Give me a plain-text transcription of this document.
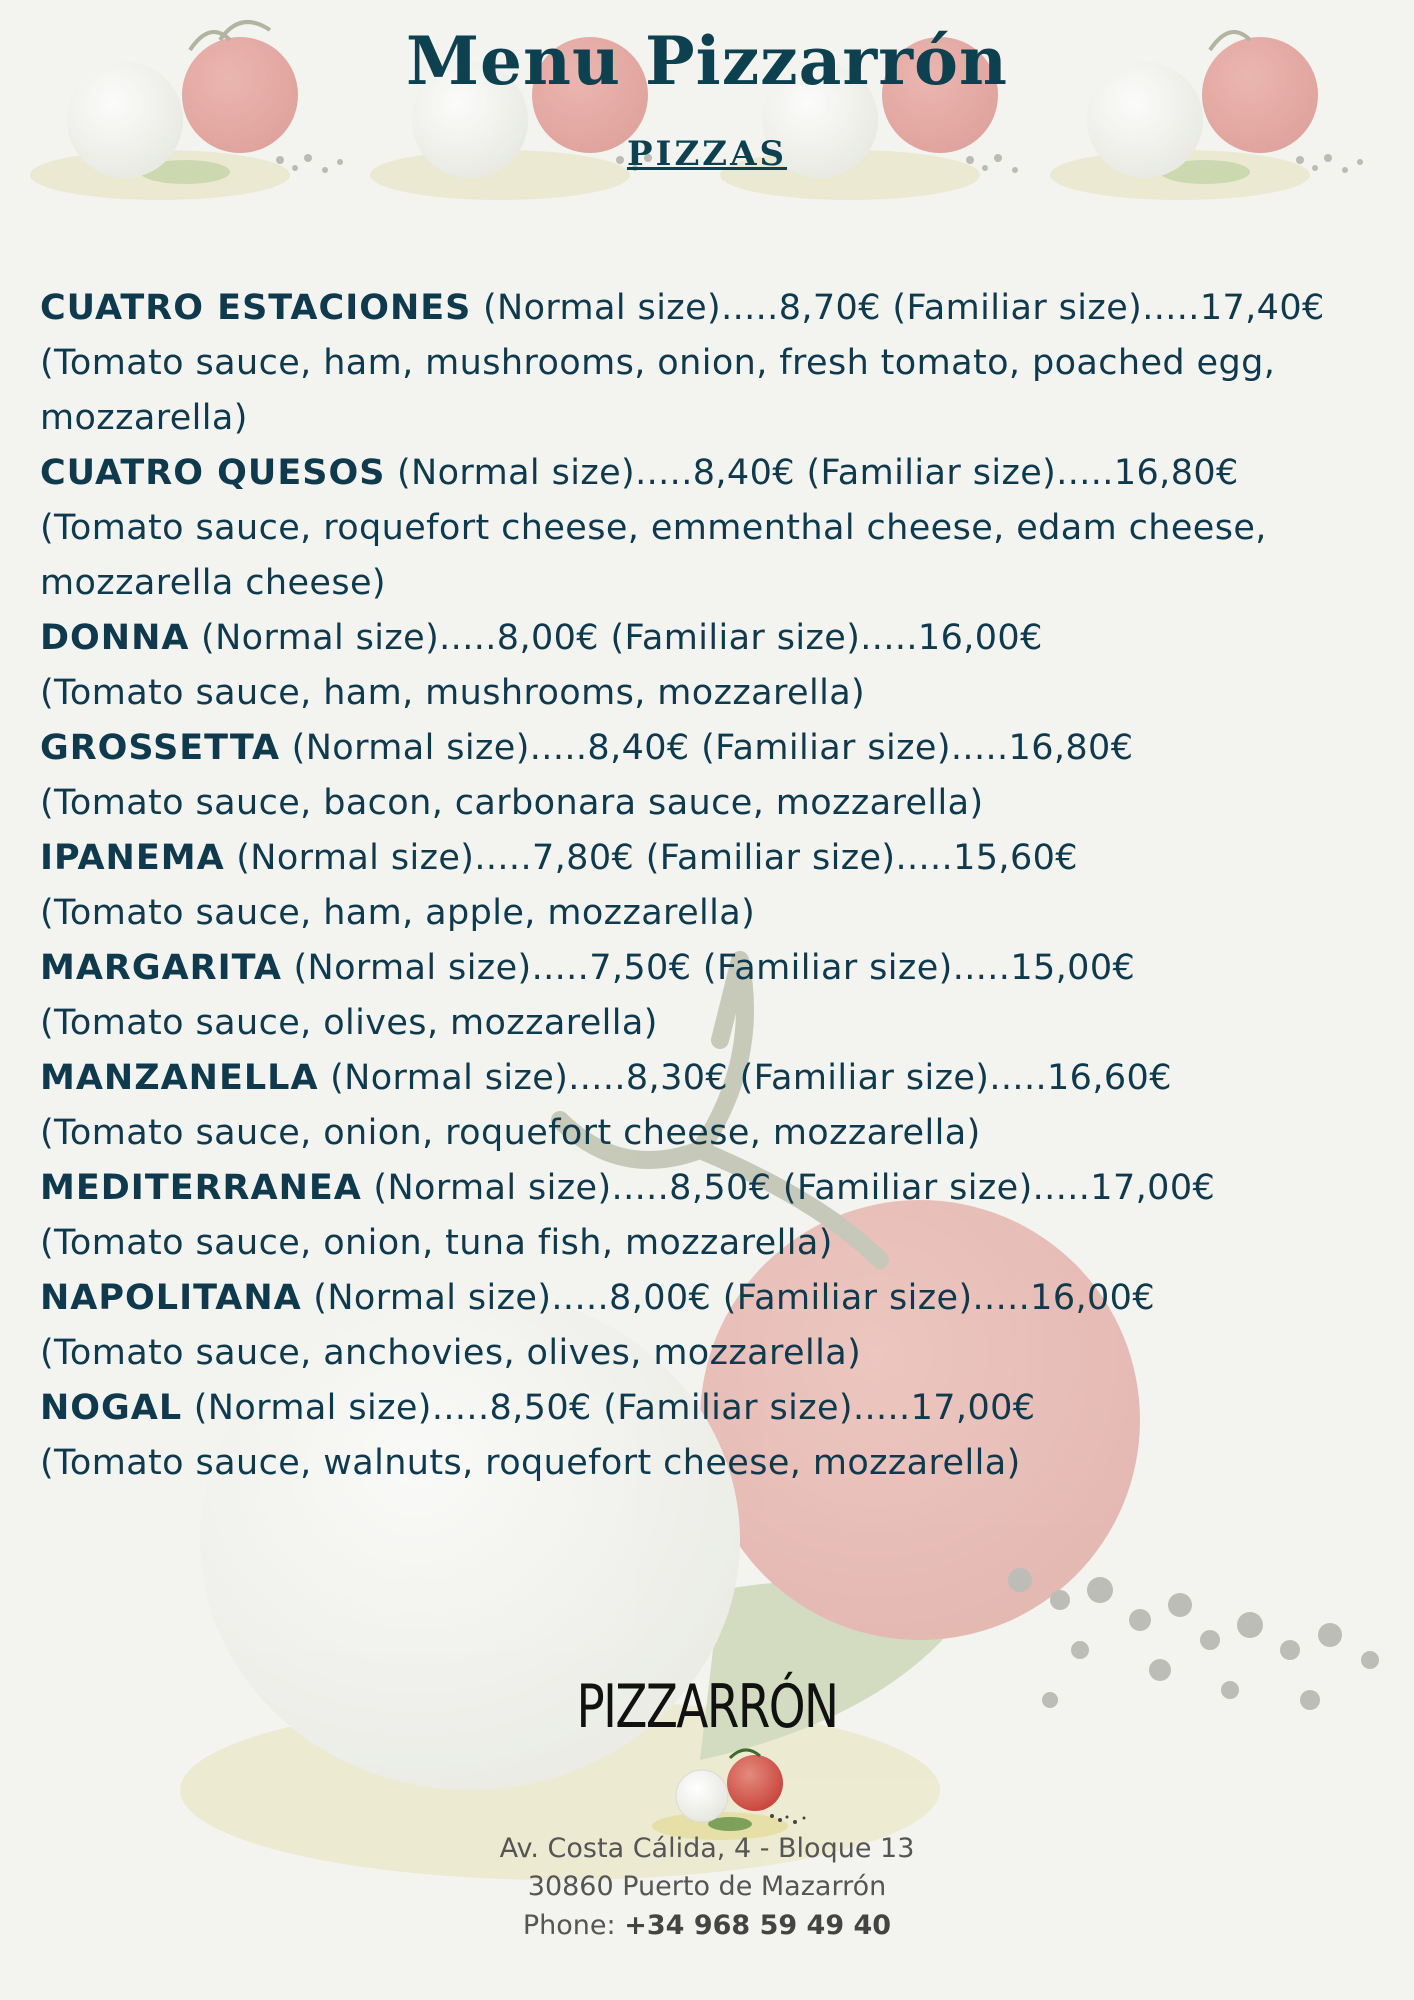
Menu Pizzarrón
PIZZAS
CUATRO ESTACIONES (Normal size).....8,70€ (Familiar size).....17,40€
(Tomato sauce, ham, mushrooms, onion, fresh tomato, poached egg,
mozzarella)
CUATRO QUESOS (Normal size).....8,40€ (Familiar size).....16,80€
(Tomato sauce, roquefort cheese, emmenthal cheese, edam cheese,
mozzarella cheese)
DONNA (Normal size).....8,00€ (Familiar size).....16,00€
(Tomato sauce, ham, mushrooms, mozzarella)
GROSSETTA (Normal size).....8,40€ (Familiar size).....16,80€
(Tomato sauce, bacon, carbonara sauce, mozzarella)
IPANEMA (Normal size).....7,80€ (Familiar size).....15,60€
(Tomato sauce, ham, apple, mozzarella)
MARGARITA (Normal size).....7,50€ (Familiar size).....15,00€
(Tomato sauce, olives, mozzarella)
MANZANELLA (Normal size).....8,30€ (Familiar size).....16,60€
(Tomato sauce, onion, roquefort cheese, mozzarella)
MEDITERRANEA (Normal size).....8,50€ (Familiar size).....17,00€
(Tomato sauce, onion, tuna fish, mozzarella)
NAPOLITANA (Normal size).....8,00€ (Familiar size).....16,00€
(Tomato sauce, anchovies, olives, mozzarella)
NOGAL (Normal size).....8,50€ (Familiar size).....17,00€
(Tomato sauce, walnuts, roquefort cheese, mozzarella)
PIZZARRÓN
Av. Costa Cálida, 4 - Bloque 13
30860 Puerto de Mazarrón
Phone: +34 968 59 49 40
